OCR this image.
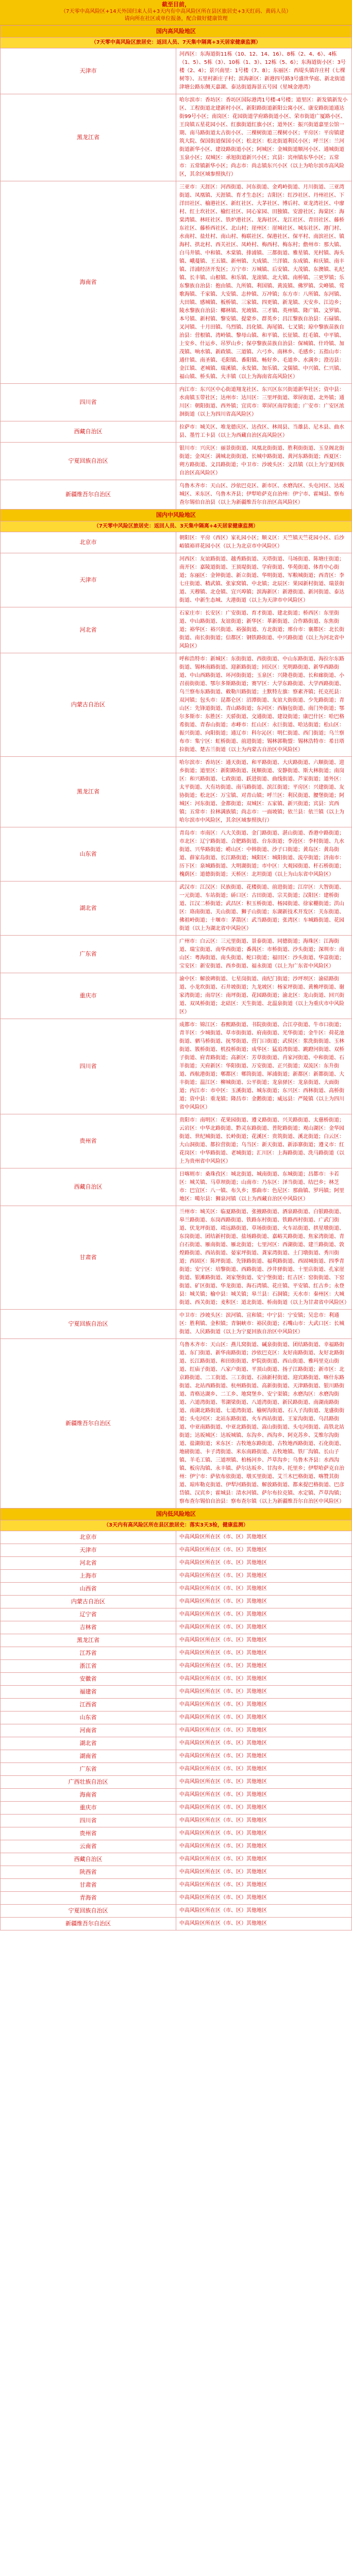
截至目前，
（7天零中高风险区+14天外国归来人员+3天内有中高风险区所在县区旅居史+3天红码、黄码人员）
请向所在社区或单位报备，配合做好健康管理
国内高风险地区	
（7天零中高风险区旅居史：返回人员、7天集中隔离+3天居家健康监测）	
天津市	河西区：东海道街11栋（10、12、14、16）、8栋（2、4、6）、4栋（1、5）、5栋（3）、10栋（1、3）、12栋（5、6）；东海道街小区：3号楼（2、4）；景兴南里：1号楼（7、8）；东丽区：西堤头镇许庄村（七棵树等）、五里村新庄子村；滨海新区：新港四号路3号盛世华庭、新北街道津塘公路东侧天嘉湖、泰达街道海景五号园（星城金港湾）
黑龙江省	哈尔滨市：香坊区：香坊区国际港湾1号楼-4号楼；道里区：新发镇新发小区、工程街道北建新村小区、新阳路街道新阳公寓小区、康安路街道通达街99号小区；南岗区：花园街道学府路街道小区、荣市街道广厦路小区、王岗镇五星花园小区、红旗街道红旗小区；道外区：振兴街道嘉里公馆一期、南马路街道太古街小区、三棵树街道三棵树小区；平房区：平房镇建筑大院、保国街道保国小区；松北区：松北街道利民小区；呼兰区：兰河街道新华小区、建设路街道小区；阿城区：金城街道顺河小区、通城街道玉泉小区；双城区：承旭街道新兴小区；宾县：宾州镇东华小区；五常市：五常镇新华小区；尚志市：尚志镇东兴小区（以上为哈尔滨市高风险区，其余区域参照执行）
海南省	三亚市：天涯区：河西街道、河东街道、金鸡岭街道、月川街道、三亚湾街道、凤凰镇、天涯镇、育才生态区；吉阳区：红沙社区、丹州社区、下洋田社区、榆港社区、新红社区、大茅社区、博后村、亚龙湾社区、中廖村、红土坎社区、榆红社区、同心家园、田独镇、安游社区；海棠区：海棠湾镇、林旺社区、铁炉港社区、龙海社区、龙江社区、青田社区、藤桥东社区、藤桥西社区、北山村；崖州区：崖城社区、城东社区、港门村、水南村、盐灶村、南山村、梅联社区、保港社区、保平村、南滨社区、镇海村、拱北村、西关社区、凤岭村、梅西村、梅东村；儋州市：那大镇、白马井镇、中和镇、木棠镇、排浦镇、三都街道、雅星镇、光村镇、海头镇、峨蔓镇、王五镇、新州镇、大成镇、兰洋镇、东成镇、和庆镇、南丰镇、洋浦经济开发区；万宁市：万城镇、后安镇、大茂镇、东澳镇、礼纪镇、长丰镇、山根镇、和乐镇、龙滚镇、北大镇、南桥镇、三更罗镇；乐东黎族自治县：抱由镇、九所镇、利国镇、黄流镇、佛罗镇、尖峰镇、莺歌海镇、千家镇、大安镇、志仲镇、万冲镇；东方市：八所镇、东河镇、大田镇、感城镇、板桥镇、三家镇、四更镇、新龙镇、天安乡、江边乡；陵水黎族自治县：椰林镇、光坡镇、三才镇、英州镇、隆广镇、文罗镇、本号镇、新村镇、黎安镇、提蒙乡、群英乡；昌江黎族自治县：石碌镇、叉河镇、十月田镇、乌烈镇、昌化镇、海尾镇、七叉镇；琼中黎族苗族自治县：营根镇、湾岭镇、黎母山镇、和平镇、长征镇、红毛镇、中平镇、上安乡、什运乡、吊罗山乡；保亭黎族苗族自治县：保城镇、什玲镇、加茂镇、响水镇、新政镇、三道镇、六弓乡、南林乡、毛感乡；五指山市：通什镇、南圣镇、毛阳镇、番阳镇、畅好乡、毛道乡、水满乡；澄迈县：金江镇、老城镇、瑞溪镇、永发镇、加乐镇、文儒镇、中兴镇、仁兴镇、福山镇、桥头镇、大丰镇（以上为海南省高风险区）
四川省	内江市：东兴区中心街道翔龙社区、东兴区东兴街道新华社区；资中县：水南镇玉带社区；达州市：达川区：三里坪街道、翠屏街道、北外镇；通川区：朝阳街道、西外镇；宜宾市：翠屏区南岸街道；广安市：广安区浓洄街道（以上为四川省高风险区）
西藏自治区	拉萨市：城关区、堆龙德庆区、达孜区、林周县、当雄县、尼木县、曲水县、墨竹工卡县（以上为西藏自治区高风险区）
宁夏回族自治区	银川市：兴庆区：丽景街街道、凤凰北街街道、胜利街街道、玉皇阁北街街道；金凤区：满城北街街道、长城中路街道、黄河东路街道；西夏区：朔方路街道、文昌路街道；中卫市：沙坡头区：文昌镇（以上为宁夏回族自治区高风险区）
新疆维吾尔自治区	乌鲁木齐市：天山区、沙依巴克区、新市区、水磨沟区、头屯河区、达坂城区、米东区、乌鲁木齐县；伊犁哈萨克自治州：伊宁市、霍城县、察布查尔锡伯自治县（以上为新疆维吾尔自治区高风险区）
国内中风险地区	
（7天零中风险区旅居史：返回人员、3天集中隔离+4天居家健康监测）	
北京市	朝阳区：平房（西区）家礼园小区；顺义区：天竺镇天竺花园小区、后沙峪镇裕祥花园小区（以上为北京市中风险区）
天津市	河西区：友谊路街道、越秀路街道、天塔街道、马场街道、陈塘庄街道；南开区：嘉陵道街道、王顶堤街道、学府街道、华苑街道、体育中心街道；东丽区：金钟街道、新立街道、华明街道、军粮城街道；西青区：李七庄街道、精武镇、张家窝镇、中北镇；北辰区：果园新村街道、瑞景街道、天穆镇、北仓镇、宜兴埠镇；滨海新区：新港街道、新河街道、泰达街道、中新生态城、大港街道（以上为天津市中风险区）
河北省	石家庄市：长安区：广安街道、育才街道、建北街道；桥西区：东里街道、中山路街道、友谊街道；新华区：革新街道、合作路街道、东焦街道；裕华区：裕兴街道、裕强街道、方北街道；邢台市：襄都区：北长街街道、南长街街道；信都区：钢铁路街道、中兴路街道（以上为河北省中风险区）
内蒙古自治区	呼和浩特市：新城区：东街街道、西街街道、中山东路街道、海拉尔东路街道、锡林南路街道、迎新路街道；回民区：光明路街道、新华西路街道、中山西路街道、环河街街道；玉泉区：兴隆巷街道、长和廊街道、小召前街街道、鄂尔多斯路街道；赛罕区：大学东路街道、大学西路街道、乌兰察布东路街道、敕勒川路街道；土默特左旗：察素齐镇；托克托县：双河镇；包头市：昆都仑区：沼潭街道、友谊大街街道、少先路街道；青山区：先锋道街道、青山路街道；东河区：西脑包街道、南门外街道；鄂尔多斯市：东胜区：天骄街道、交通街道、建设街道；康巴什区：哈巴格希街道、青春山街道；赤峰市：红山区：永巨街道、哈达街道；松山区：振兴街道、向阳街道；通辽市：科尔沁区：明仁街道、西门街道；乌兰察布市：集宁区：虹桥街道、前进街道；锡林郭勒盟：锡林浩特市：希日塔拉街道、楚古兰街道（以上为内蒙古自治区中风险区）
黑龙江省	哈尔滨市：香坊区：通天街道、和平路街道、大庆路街道、六顺街道、进乡街道；道里区：新阳路街道、抚顺街道、安静街道、斯大林街道；南岗区：和兴路街道、七政街道、跃进街道、曲线街道、芦家街道；道外区：太平街道、大有坊街道、南马路街道、滨江街道；平房区：兴建街道、友协街道；松北区：万宝镇、对青山镇；呼兰区：利民街道、腰堡街道；阿城区：河东街道、金都街道；双城区：五家镇、新兴街道；宾县：宾西镇；五常市：拉林满族镇；尚志市：一面坡镇；依兰县：依兰镇（以上为哈尔滨市中风险区，其余区域参照执行）
山东省	青岛市：市南区：八大关街道、金门路街道、湛山街道、香港中路街道；市北区：辽宁路街道、合肥路街道、台东街道；李沧区：李村街道、九水街道、兴华路街道；崂山区：中韩街道、沙子口街道；黄岛区：黄岛街道、薛家岛街道、长江路街道；城阳区：城阳街道、流亭街道；济南市：历下区：泉城路街道、大明湖街道；市中区：大观园街道、杆石桥街道；槐荫区：道德街街道；天桥区：北坦街道（以上为山东省中风险区）
湖北省	武汉市：江汉区：民族街道、花楼街道、前进街道；江岸区：大智街道、一元街道、车站街道；硚口区：古田街道、宗关街道；汉阳区：建桥街道、江汉二桥街道；武昌区：积玉桥街道、杨园街道、徐家棚街道；洪山区：珞南街道、关山街道、狮子山街道；东湖新技术开发区：关东街道、佛祖岭街道；十堰市：茅箭区：武当路街道；张湾区：车城路街道、花园街道（以上为湖北省中风险区）
广东省	广州市：白云区：三元里街道、景泰街道、同德街道；海珠区：江海街道、瑞宝街道、南华西街道；番禺区：市桥街道、沙头街道；深圳市：南山区：粤海街道、南头街道、蛇口街道；福田区：沙头街道、华富街道；宝安区：新安街道、西乡街道、福永街道（以上为广东省中风险区）
重庆市	渝中区：解放碑街道、七星岗街道、南纪门街道；沙坪坝区：渝碚路街道、小龙坎街道、石井坡街道；九龙坡区：杨家坪街道、黄桷坪街道、谢家湾街道；南岸区：南坪街道、花园路街道；渝北区：龙山街道、回兴街道、双凤桥街道；北碚区：天生街道、北温泉街道（以上为重庆市中风险区）
四川省	成都市：锦江区：春熙路街道、书院街街道、合江亭街道、牛市口街道；青羊区：少城街道、草市街街道、府南街道、光华街道；金牛区：荷花池街道、驷马桥街道、抚琴街道、营门口街道；武侯区：浆洗街街道、玉林街道、簇桥街道、机投桥街道；成华区：猛追湾街道、跳蹬河街道、双桥子街道、府青路街道；高新区：芳草街街道、肖家河街道、中和街道、石羊街道；天府新区：华阳街道、万安街道、正兴街道；双流区：东升街道、西航港街道；郫都区：郫筒街道、犀浦街道；新都区：新都街道、大丰街道；温江区：柳城街道、公平街道；龙泉驿区：龙泉街道、大面街道；内江市：市中区：玉溪街道、城东街道；东兴区：西林街道、高桥街道；资中县：重龙镇；隆昌市：金鹅街道；威远县：严陵镇（以上为四川省中风险区）
贵州省	贵阳市：南明区：花果园街道、遵义路街道、兴关路街道、太慈桥街道；云岩区：中华北路街道、黔灵东路街道、普陀路街道；观山湖区：金华园街道、世纪城街道、长岭街道；花溪区：贵筑街道、溪北街道；白云区：大山洞街道、都拉营街道；乌当区：新天街道、新添寨街道；遵义市：红花岗区：中华路街道、老城街道；汇川区：上海路街道、洗马路街道（以上为贵州省中风险区）
西藏自治区	日喀则市：桑珠孜区：城北街道、城南街道、东城街道；昌都市：卡若区：城关镇、马草坝街道；山南市：乃东区：泽当街道、结巴乡；林芝市：巴宜区：八一镇、布久乡；那曲市：色尼区：那曲镇、罗玛镇；阿里地区：噶尔县：狮泉河镇（以上为西藏自治区中风险区）
甘肃省	兰州市：城关区：临夏路街道、张掖路街道、酒泉路街道、白银路街道、皋兰路街道、东岗西路街道、铁路东村街道、铁路西村街道、广武门街道、伏龙坪街道、靖远路街道、草场街街道、火车站街道、拱星墩街道、东岗街道、团结新村街道、盐场路街道、嘉峪关路街道、焦家湾街道、青白石街道、雁南街道、雁北街道；七里河区：西湖街道、建兰路街道、敦煌路街道、西站街道、晏家坪街道、龚家湾街道、土门墩街道、秀川街道；西固区：陈坪街道、先锋路街道、福利路街道、西固城街道、四季青街道；安宁区：培黎街道、西路街道、沙井驿街道、十里店街道、孔家崖街道、银滩路街道、刘家堡街道、安宁堡街道；红古区：窑街街道、下窑街道、矿区街道、华龙街道、海石湾镇、花庄镇、平安镇、红古乡；永登县：城关镇；榆中县：城关镇；皋兰县：石洞镇；天水市：秦州区：大城街道、西关街道；麦积区：道北街道、桥南街道（以上为甘肃省中风险区）
宁夏回族自治区	中卫市：沙坡头区：滨河镇、宣和镇；中宁县：宁安镇；吴忠市：利通区：胜利镇、金积镇；青铜峡市：裕民街道；石嘴山市：大武口区：长城街道、人民路街道（以上为宁夏回族自治区中风险区）
新疆维吾尔自治区	乌鲁木齐市：天山区：燕儿窝街道、碱泉街街道、团结路街道、幸福路街道、东门街道、新华南路街道；沙依巴克区：友好南路街道、友好北路街道、长江路街道、和田街街道、炉院街街道、西山街道、雅玛里克山街道、红庙子街道、八家户街道、平顶山街道、扬子江路街道；新市区：北京路街道、二工街道、三工街道、石油新村街道、迎宾路街道、喀什东路街道、北站西路街道、杭州路街道、高新街街道、天津路街道、银川路街道、青格达湖乡、二工乡、地窝堡乡、安宁渠镇；水磨沟区：水磨沟街道、六道湾街道、苇湖梁街道、八道湾街道、新民路街道、南湖南路街道、南湖北路街道、七道湾街道、榆树沟街道、石人子沟街道、龙盛街街道；头屯河区：北站东路街道、火车西站街道、王家沟街道、乌昌路街道、中亚南路街道、中亚北路街道、嵩山街街道、头屯河街道、高铁北站街道；达坂城区：达坂城镇、东沟乡、西沟乡、阿克苏乡、艾维尔沟街道、盐湖街道；米东区：古牧地东路街道、古牧地西路街道、石化街道、地磅街道、卡子湾街道、米东南路街道、古牧地镇、铁厂沟镇、长山子镇、羊毛工镇、三道坝镇、柏杨河乡、芦草沟乡；乌鲁木齐县：水西沟镇、板房沟镇、永丰镇、萨尔达坂乡、甘沟乡、托里乡；伊犁哈萨克自治州：伊宁市：萨依布依街道、墩买里街道、艾兰木巴格街道、喀赞其街道、琼库勒克街道、伊犁河路街道、解放路街道、都来提巴格街道、巴彦岱镇、汉宾乡；霍城县：清水河镇、萨尔布拉克镇、水定镇、芦草沟镇；察布查尔锡伯自治县：察布查尔镇（以上为新疆维吾尔自治区中风险区）
国内低风险地区	
（3天内有高风险区所在县区旅居史：落实3天3检，健康监测）	
北京市	中高风险区所在区（市、区）其他地区
天津市	中高风险区所在区（市、区）其他地区
河北省	中高风险区所在区（市、区）其他地区
上海市	中高风险区所在区（市、区）其他地区
山西省	中高风险区所在区（市、区）其他地区
内蒙古自治区	中高风险区所在区（市、区）其他地区
辽宁省	中高风险区所在区（市、区）其他地区
吉林省	中高风险区所在区（市、区）其他地区
黑龙江省	中高风险区所在区（市、区）其他地区
江苏省	中高风险区所在区（市、区）其他地区
浙江省	中高风险区所在区（市、区）其他地区
安徽省	中高风险区所在区（市、区）其他地区
福建省	中高风险区所在区（市、区）其他地区
江西省	中高风险区所在区（市、区）其他地区
山东省	中高风险区所在区（市、区）其他地区
河南省	中高风险区所在区（市、区）其他地区
湖北省	中高风险区所在区（市、区）其他地区
湖南省	中高风险区所在区（市、区）其他地区
广东省	中高风险区所在区（市、区）其他地区
广西壮族自治区	中高风险区所在区（市、区）其他地区
海南省	中高风险区所在区（市、区）其他地区
重庆市	中高风险区所在区（市、区）其他地区
四川省	中高风险区所在区（市、区）其他地区
贵州省	中高风险区所在区（市、区）其他地区
云南省	中高风险区所在区（市、区）其他地区
西藏自治区	中高风险区所在区（市、区）其他地区
陕西省	中高风险区所在区（市、区）其他地区
甘肃省	中高风险区所在区（市、区）其他地区
青海省	中高风险区所在区（市、区）其他地区
宁夏回族自治区	中高风险区所在区（市、区）其他地区
新疆维吾尔自治区	中高风险区所在区（市、区）其他地区
